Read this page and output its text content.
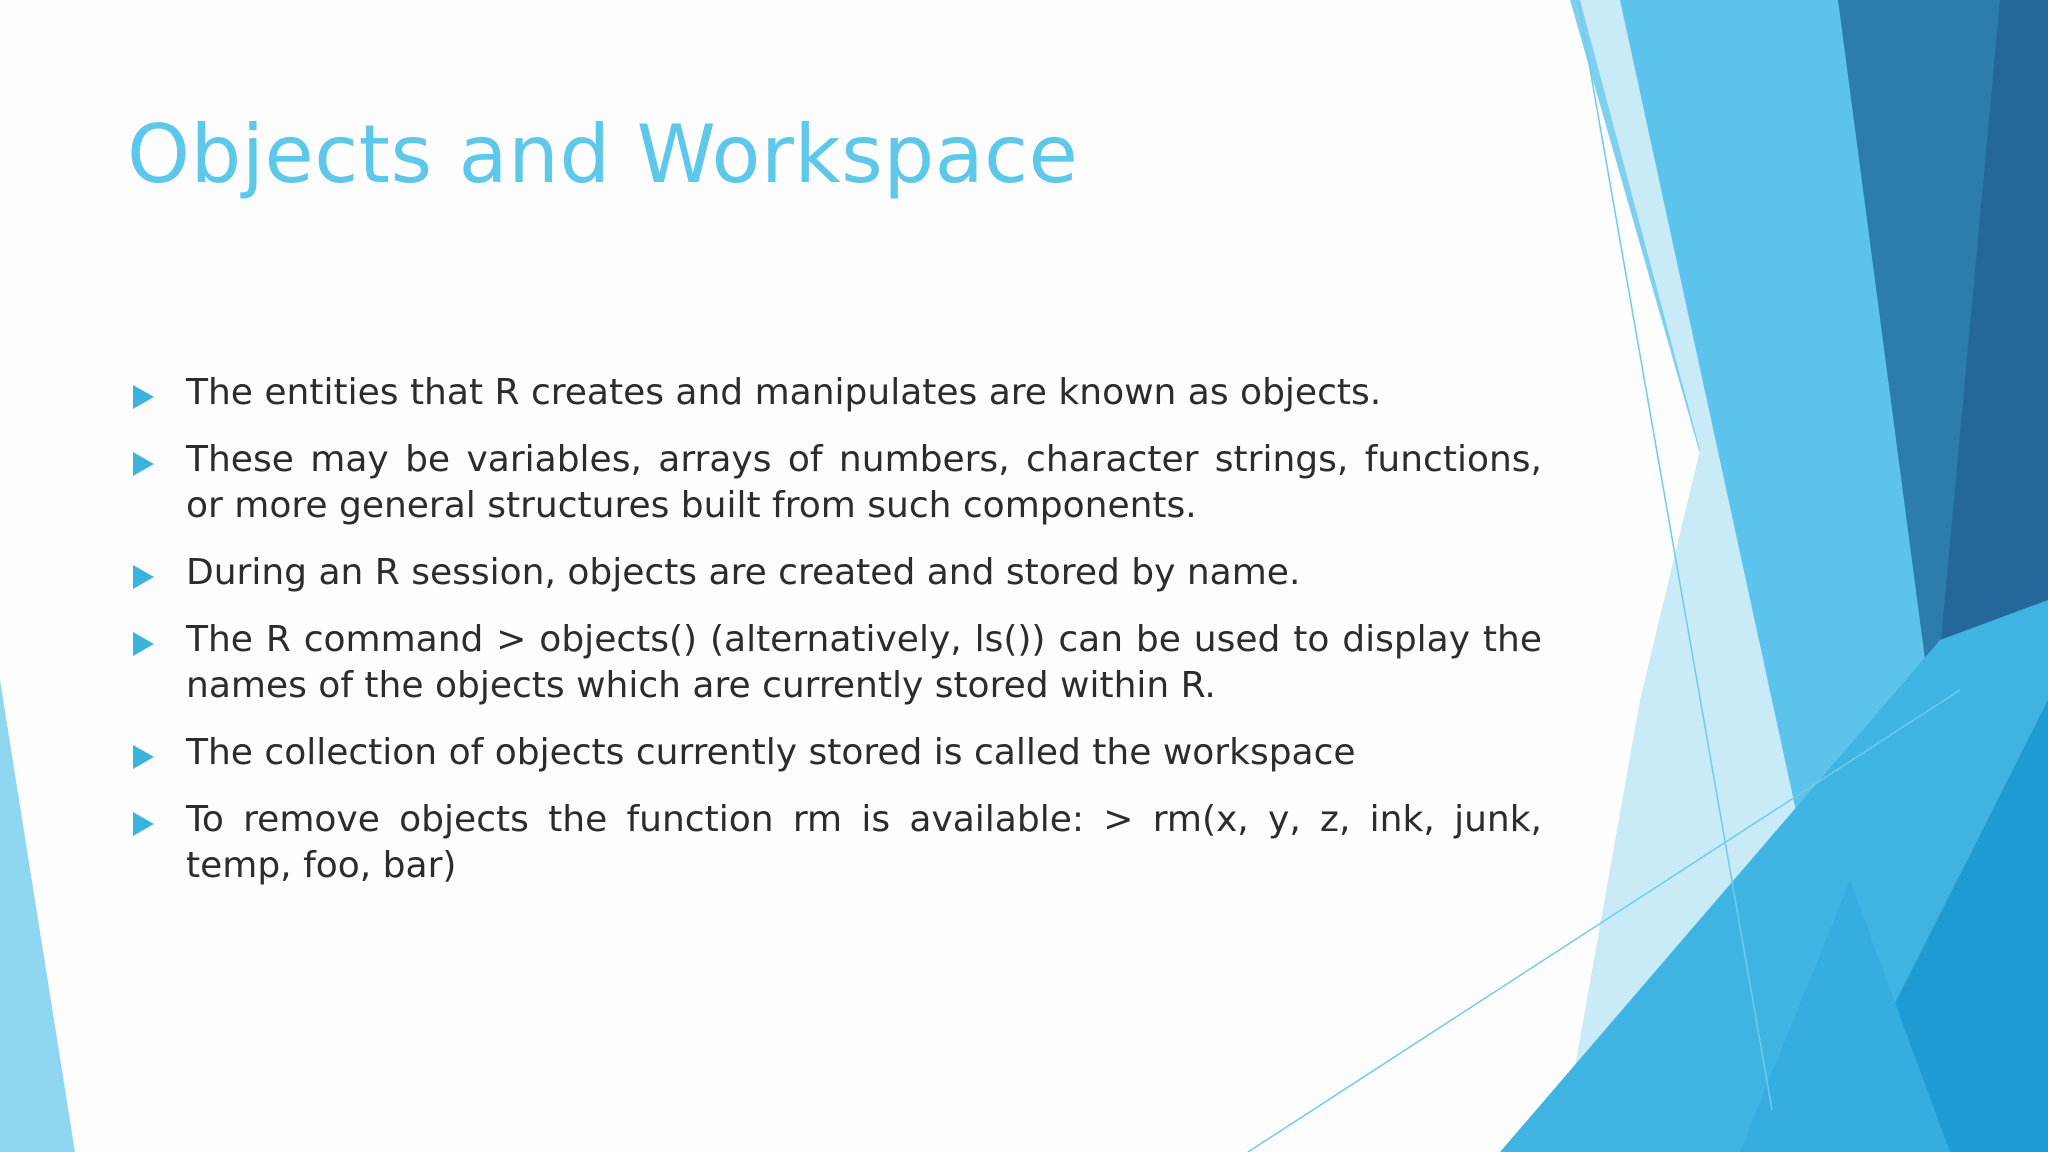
Objects and Workspace
The entities that R creates and manipulates are known as objects.
These may be variables, arrays of numbers, character strings, functions, or more general structures built from such components.
During an R session, objects are created and stored by name.
The R command > objects() (alternatively, ls()) can be used to display the names of the objects which are currently stored within R.
The collection of objects currently stored is called the workspace
To remove objects the function rm is available: > rm(x, y, z, ink, junk, temp, foo, bar)
